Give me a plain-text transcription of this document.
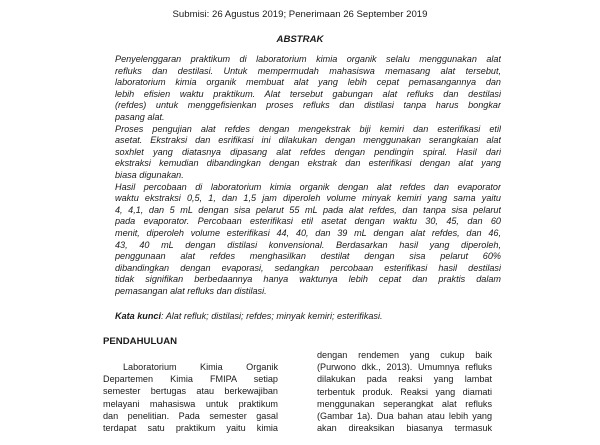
Submisi: 26 Agustus 2019; Penerimaan 26 September 2019
ABSTRAK
Penyelenggaran praktikum di laboratorium kimia organik selalu menggunakan alat
refluks dan destilasi. Untuk mempermudah mahasiswa memasang alat tersebut,
laboratorium kimia organik membuat alat yang lebih cepat pemasangannya dan
lebih efisien waktu praktikum. Alat tersebut gabungan alat refluks dan destilasi
(refdes) untuk menggefisienkan proses refluks dan distilasi tanpa harus bongkar
pasang alat.
Proses pengujian alat refdes dengan mengekstrak biji kemiri dan esterifikasi etil
asetat. Ekstraksi dan esrifikasi ini dilakukan dengan menggunakan serangkaian alat
soxhlet yang diatasnya dipasang alat refdes dengan pendingin spiral. Hasil dari
ekstraksi kemudian dibandingkan dengan ekstrak dan esterifikasi dengan alat yang
biasa digunakan.
Hasil percobaan di laboratorium kimia organik dengan alat refdes dan evaporator
waktu ekstraksi 0,5, 1, dan 1,5 jam diperoleh volume minyak kemiri yang sama yaitu
4, 4,1, dan 5 mL dengan sisa pelarut 55 mL pada alat refdes, dan tanpa sisa pelarut
pada evaporator. Percobaan esterifikasi etil asetat dengan waktu 30, 45, dan 60
menit, diperoleh volume esterifikasi 44, 40, dan 39 mL dengan alat refdes, dan 46,
43, 40 mL dengan distilasi konvensional. Berdasarkan hasil yang diperoleh,
penggunaan alat refdes menghasilkan destilat dengan sisa pelarut 60%
dibandingkan dengan evaporasi, sedangkan percobaan esterifikasi hasil destilasi
tidak signifikan berbedaannya hanya waktunya lebih cepat dan praktis dalam
pemasangan alat refluks dan distilasi.
Kata kunci: Alat refluk; distilasi; refdes; minyak kemiri; esterifikasi.
PENDAHULUAN
Laboratorium Kimia Organik
Departemen Kimia FMIPA setiap
semester bertugas atau berkewajiban
melayani mahasiswa untuk praktikum
dan penelitian. Pada semester gasal
terdapat satu praktikum yaitu kimia
dengan rendemen yang cukup baik
(Purwono dkk., 2013). Umumnya refluks
dilakukan pada reaksi yang lambat
terbentuk produk. Reaksi yang diamati
menggunakan seperangkat alat refluks
(Gambar 1a). Dua bahan atau lebih yang
akan direaksikan biasanya termasuk
